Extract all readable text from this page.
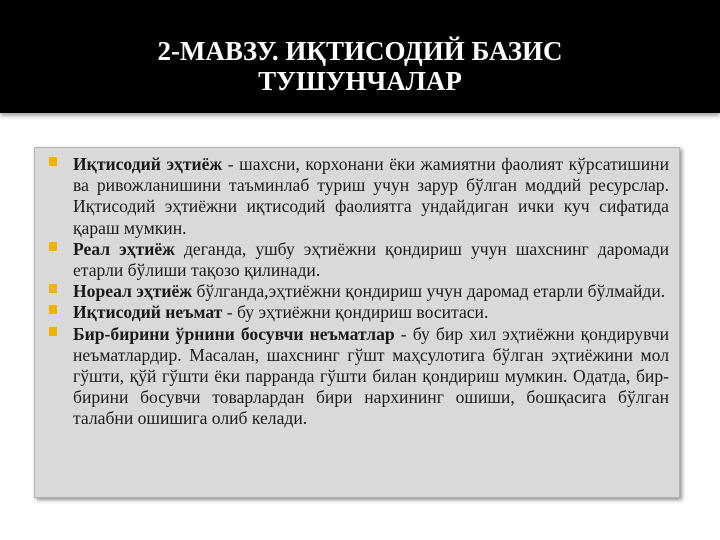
2-МАВЗУ. ИҚТИСОДИЙ БАЗИС
ТУШУНЧАЛАР
Иқтисодий эҳтиёж - шахсни, корхонани ёки жамиятни фаолият кўрсатишини ва ривожланишини таъминлаб туриш учун зарур бўлган моддий ресурслар. Иқтисодий эҳтиёжни иқтисодий фаолиятга ундайдиган ички куч сифатида қараш мумкин.
Реал эҳтиёж деганда, ушбу эҳтиёжни қондириш учун шахснинг даромади етарли бўлиши тақозо қилинади.
Нореал эҳтиёж бўлганда,эҳтиёжни қондириш учун даромад етарли бўлмайди.
Иқтисодий неъмат - бу эҳтиёжни қондириш воситаси.
Бир-бирини ўрнини босувчи неъматлар - бу бир хил эҳтиёжни қондирувчи неъматлардир. Масалан, шахснинг гўшт маҳсулотига бўлган эҳтиёжини мол гўшти, қўй гўшти ёки парранда гўшти билан қондириш мумкин. Одатда, бир-бирини босувчи товарлардан бири нархининг ошиши, бошқасига бўлган талабни ошишига олиб келади.
